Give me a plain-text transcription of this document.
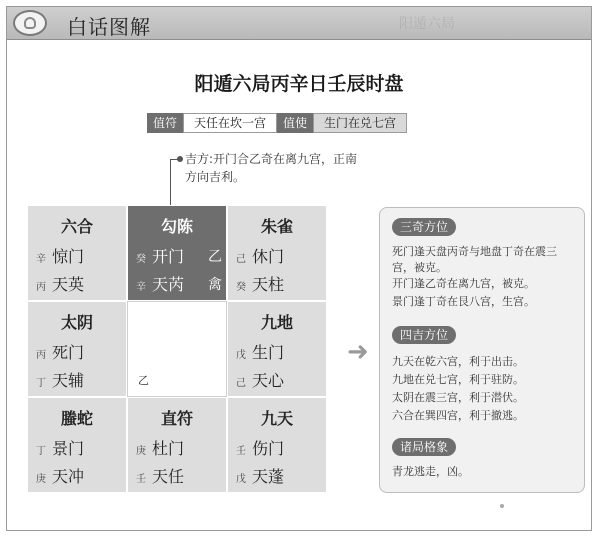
白话图解	阳遁六局
阳遁六局丙辛日壬辰时盘
值符	天任在坎一宫	值使	生门在兑七宫
吉方:开门合乙奇在离九宫，正南方向吉利。
六合
辛 惊门
丙 天英
勾陈
癸 开门 乙
辛 天芮 禽
朱雀
己 休门
癸 天柱
太阴
丙 死门
丁 天辅	乙
九地
戊 生门
己 天心
螣蛇
丁 景门
庚 天冲
直符
庚 杜门
壬 天任
九天
壬 伤门
戊 天蓬
➜
三奇方位
死门逢天盘丙奇与地盘丁奇在震三宫，被克。
开门逢乙奇在离九宫，被克。
景门逢丁奇在艮八宫，生宫。
四吉方位
九天在乾六宫，利于出击。
九地在兑七宫，利于驻防。
太阴在震三宫，利于潜伏。
六合在巽四宫，利于撤逃。
诸局格象
青龙逃走，凶。
